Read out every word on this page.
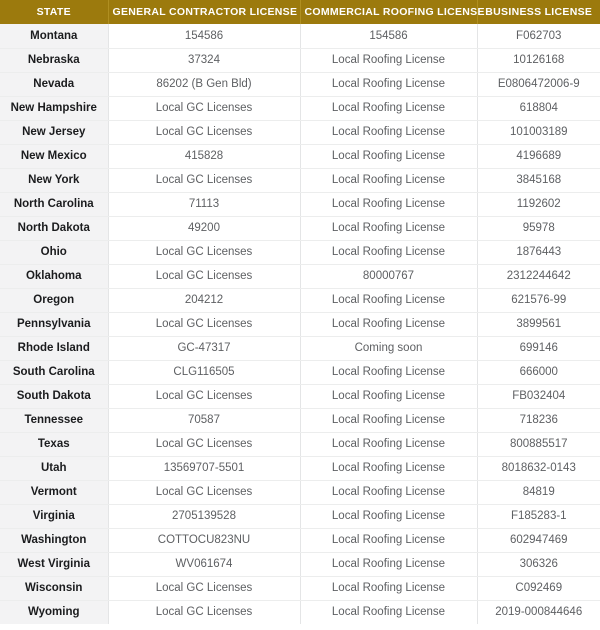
STATE	GENERAL CONTRACTOR LICENSE	COMMERCIAL ROOFING LICENSE	BUSINESS LICENSE
Montana	154586	154586	F062703
Nebraska	37324	Local Roofing License	10126168
Nevada	86202 (B Gen Bld)	Local Roofing License	E0806472006-9
New Hampshire	Local GC Licenses	Local Roofing License	618804
New Jersey	Local GC Licenses	Local Roofing License	101003189
New Mexico	415828	Local Roofing License	4196689
New York	Local GC Licenses	Local Roofing License	3845168
North Carolina	71113	Local Roofing License	1192602
North Dakota	49200	Local Roofing License	95978
Ohio	Local GC Licenses	Local Roofing License	1876443
Oklahoma	Local GC Licenses	80000767	2312244642
Oregon	204212	Local Roofing License	621576-99
Pennsylvania	Local GC Licenses	Local Roofing License	3899561
Rhode Island	GC-47317	Coming soon	699146
South Carolina	CLG116505	Local Roofing License	666000
South Dakota	Local GC Licenses	Local Roofing License	FB032404
Tennessee	70587	Local Roofing License	718236
Texas	Local GC Licenses	Local Roofing License	800885517
Utah	13569707-5501	Local Roofing License	8018632-0143
Vermont	Local GC Licenses	Local Roofing License	84819
Virginia	2705139528	Local Roofing License	F185283-1
Washington	COTTOCU823NU	Local Roofing License	602947469
West Virginia	WV061674	Local Roofing License	306326
Wisconsin	Local GC Licenses	Local Roofing License	C092469
Wyoming	Local GC Licenses	Local Roofing License	2019-000844646
